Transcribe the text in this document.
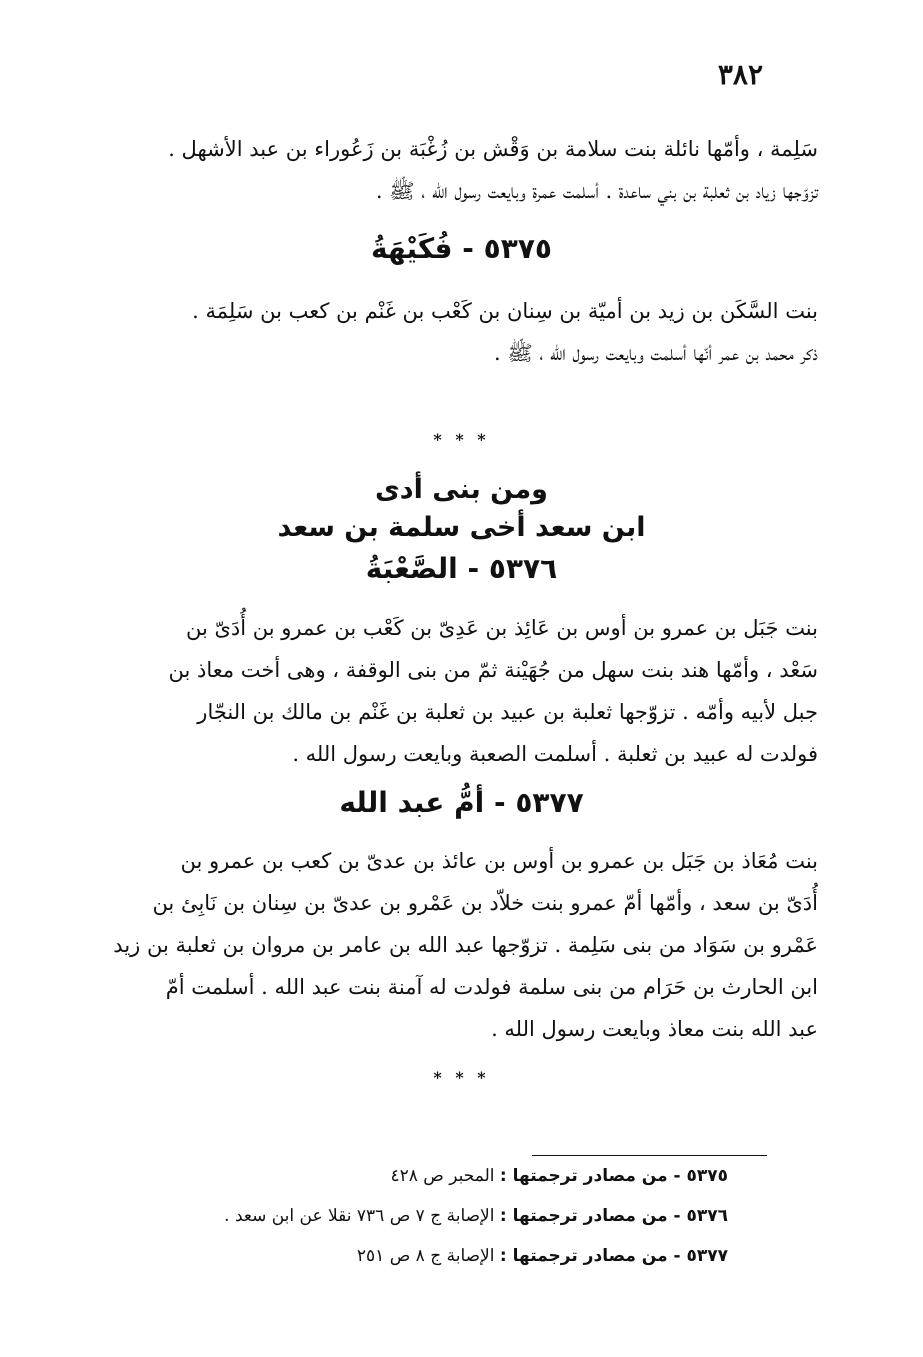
٣٨٢
سَلِمة ، وأمّها نائلة بنت سلامة بن وَقْش بن زُغْبَة بن زَعُوراء بن عبد الأشهل .
تزوّجها زياد بن ثعلبة بن بني ساعدة . أسلمت عمرة وبايعت رسول الله ، ﷺ .
٥٣٧٥ - فُكَيْهَةُ
بنت السَّكَن بن زيد بن أميّة بن سِنان بن كَعْب بن غَنْم بن كعب بن سَلِمَة .
ذكر محمد بن عمر أنّها أسلمت وبايعت رسول الله ، ﷺ .
* * *
ومن بنى أدى
ابن سعد أخى سلمة بن سعد
٥٣٧٦ - الصَّعْبَةُ
بنت جَبَل بن عمرو بن أوس بن عَائِذ بن عَدِىّ بن كَعْب بن عمرو بن أُدَىّ بن
سَعْد ، وأمّها هند بنت سهل من جُهَيْنة ثمّ من بنى الوقفة ، وهى أخت معاذ بن
جبل لأبيه وأمّه . تزوّجها ثعلبة بن عبيد بن ثعلبة بن غَنْم بن مالك بن النجّار
فولدت له عبيد بن ثعلبة . أسلمت الصعبة وبايعت رسول الله .
٥٣٧٧ - أمُّ عبد الله
بنت مُعَاذ بن جَبَل بن عمرو بن أوس بن عائذ بن عدىّ بن كعب بن عمرو بن
أُدَىّ بن سعد ، وأمّها أمّ عمرو بنت خلاّد بن عَمْرو بن عدىّ بن سِنان بن نَابِئ بن
عَمْرو بن سَوَاد من بنى سَلِمة . تزوّجها عبد الله بن عامر بن مروان بن ثعلبة بن زيد
ابن الحارث بن حَرَام من بنى سلمة فولدت له آمنة بنت عبد الله . أسلمت أمّ
عبد الله بنت معاذ وبايعت رسول الله .
* * *
٥٣٧٥ - من مصادر ترجمتها : المحبر ص ٤٢٨
٥٣٧٦ - من مصادر ترجمتها : الإصابة ج ٧ ص ٧٣٦ نقلا عن ابن سعد .
٥٣٧٧ - من مصادر ترجمتها : الإصابة ج ٨ ص ٢٥١
